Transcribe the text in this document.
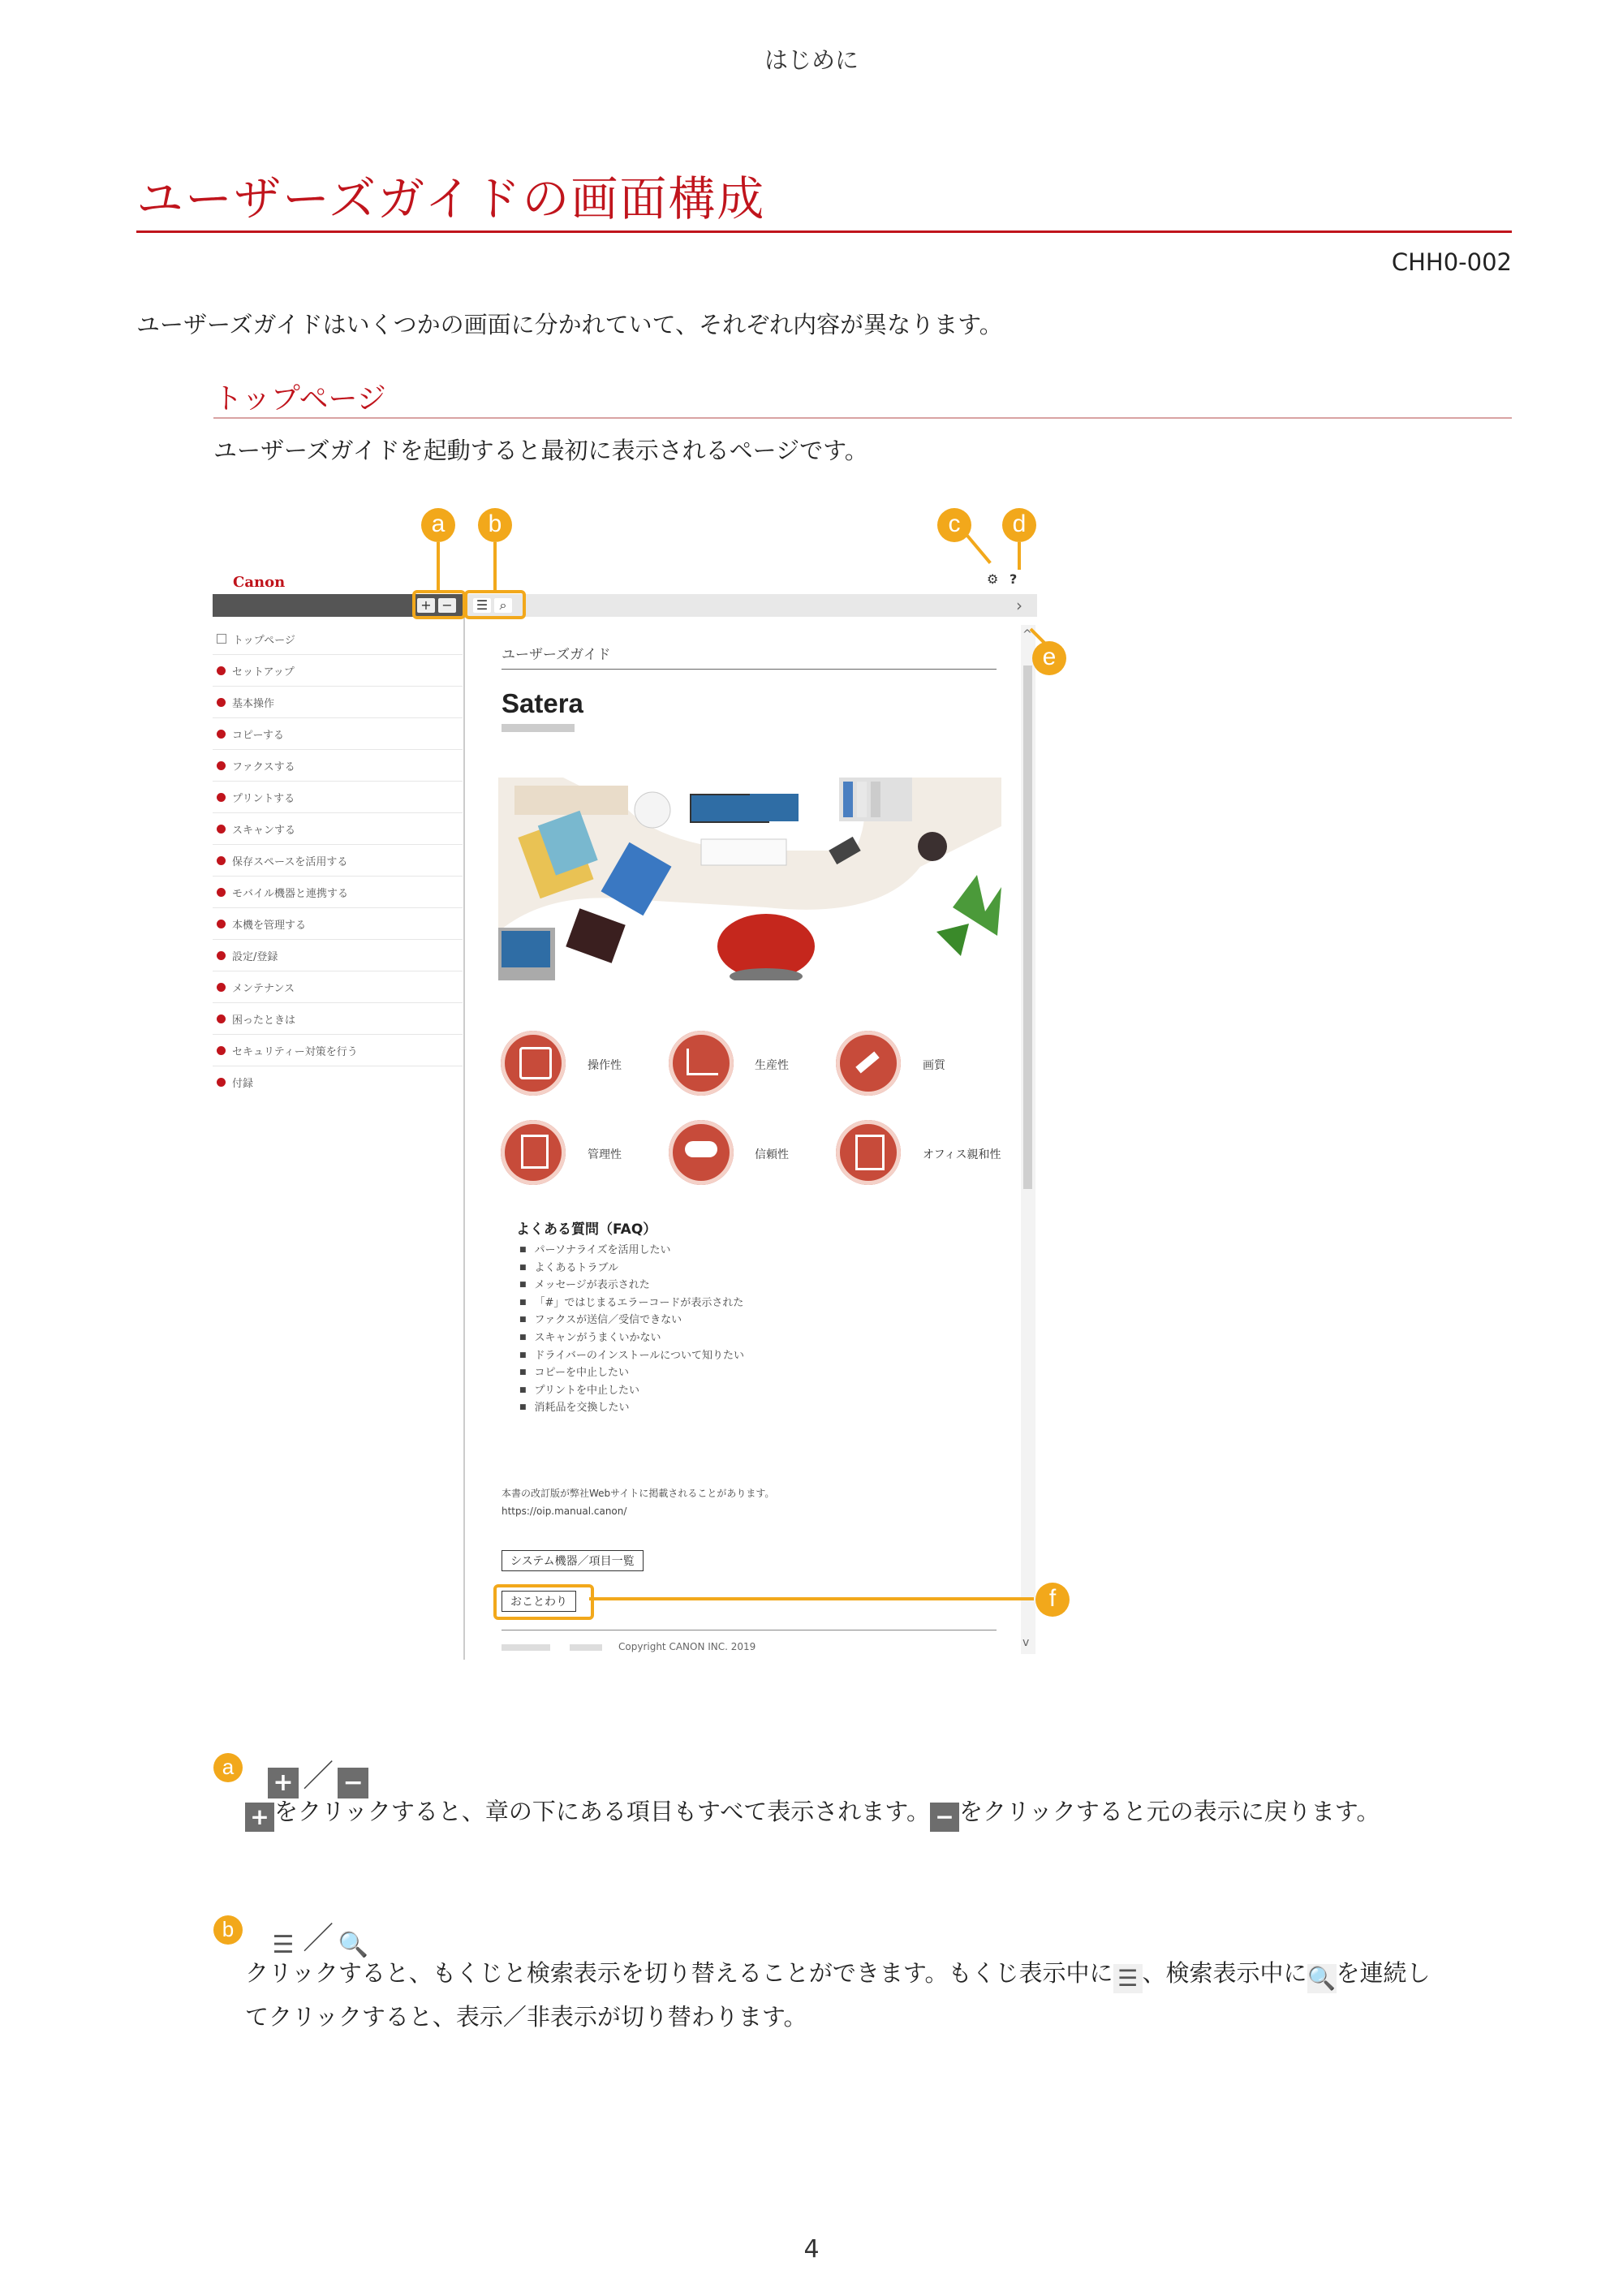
はじめに
ユーザーズガイドの画面構成
CHH0-002
ユーザーズガイドはいくつかの画面に分かれていて、それぞれ内容が異なります。
トップページ
ユーザーズガイドを起動すると最初に表示されるページです。
Canon
+ − ☰ ⌕
⚙ ?
›
トップページ
セットアップ
基本操作
コピーする
ファクスする
プリントする
スキャンする
保存スペースを活用する
モバイル機器と連携する
本機を管理する
設定/登録
メンテナンス
困ったときは
セキュリティー対策を行う
付録
ユーザーズガイド
Satera
操作性	生産性	画質
管理性	信頼性	オフィス親和性
よくある質問（FAQ）
■ パーソナライズを活用したい
■ よくあるトラブル
■ メッセージが表示された
■ 「#」ではじまるエラーコードが表示された
■ ファクスが送信／受信できない
■ スキャンがうまくいかない
■ ドライバーのインストールについて知りたい
■ コピーを中止したい
■ プリントを中止したい
■ 消耗品を交換したい
本書の改訂版が弊社Webサイトに掲載されることがあります。
https://oip.manual.canon/
システム機器／項目一覧
おことわり
Copyright CANON INC. 2019
^
v
a	b	c	d
e
f
a
+ ／ −
+ をクリックすると、章の下にある項目もすべて表示されます。 − をクリックすると元の表示に戻ります。
b
☰ ／ 🔍
クリックすると、もくじと検索表示を切り替えることができます。もくじ表示中に ☰ 、検索表示中に🔍を連続し
てクリックすると、表示／非表示が切り替わります。
4
